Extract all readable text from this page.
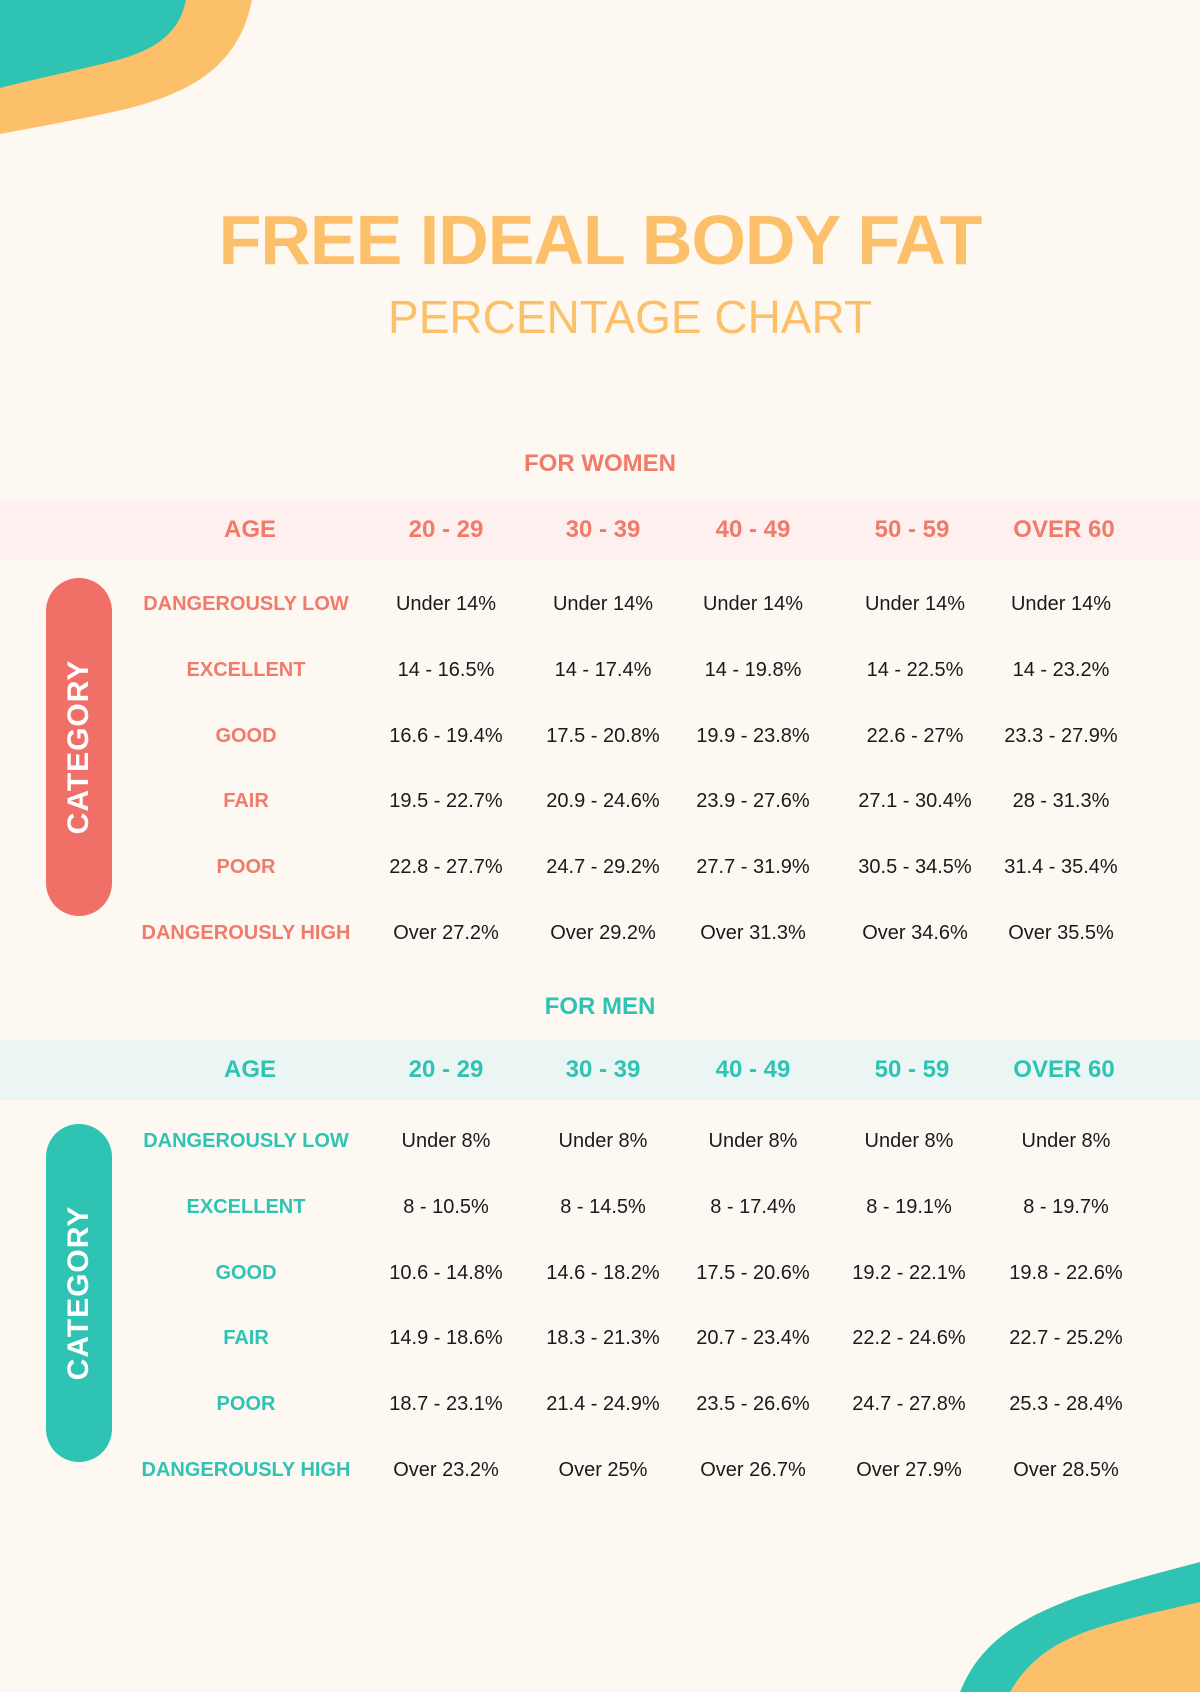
FREE IDEAL BODY FAT
PERCENTAGE CHART
FOR WOMEN
AGE	20 - 29	30 - 39	40 - 49	50 - 59	OVER 60
CATEGORY
DANGEROUSLY LOW Under 14%	Under 14% Under 14%	Under 14% Under 14%
EXCELLENT	14 - 16.5%	14 - 17.4%	14 - 19.8%	14 - 22.5% 14 - 23.2%
GOOD	16.6 - 19.4% 17.5 - 20.8% 19.9 - 23.8%	22.6 - 27% 23.3 - 27.9%
FAIR	19.5 - 22.7% 20.9 - 24.6% 23.9 - 27.6% 27.1 - 30.4% 28 - 31.3%
POOR	22.8 - 27.7% 24.7 - 29.2% 27.7 - 31.9% 30.5 - 34.5% 31.4 - 35.4%
DANGEROUSLY HIGH Over 27.2%	Over 29.2% Over 31.3%	Over 34.6% Over 35.5%
FOR MEN
AGE	20 - 29	30 - 39	40 - 49	50 - 59	OVER 60
CATEGORY
DANGEROUSLY LOW	Under 8%	Under 8%	Under 8%	Under 8%	Under 8%
EXCELLENT	8 - 10.5%	8 - 14.5%	8 - 17.4%	8 - 19.1%	8 - 19.7%
GOOD	10.6 - 14.8% 14.6 - 18.2% 17.5 - 20.6% 19.2 - 22.1% 19.8 - 22.6%
FAIR	14.9 - 18.6% 18.3 - 21.3% 20.7 - 23.4% 22.2 - 24.6% 22.7 - 25.2%
POOR	18.7 - 23.1% 21.4 - 24.9% 23.5 - 26.6% 24.7 - 27.8% 25.3 - 28.4%
DANGEROUSLY HIGH Over 23.2%	Over 25%	Over 26.7%	Over 27.9%	Over 28.5%
